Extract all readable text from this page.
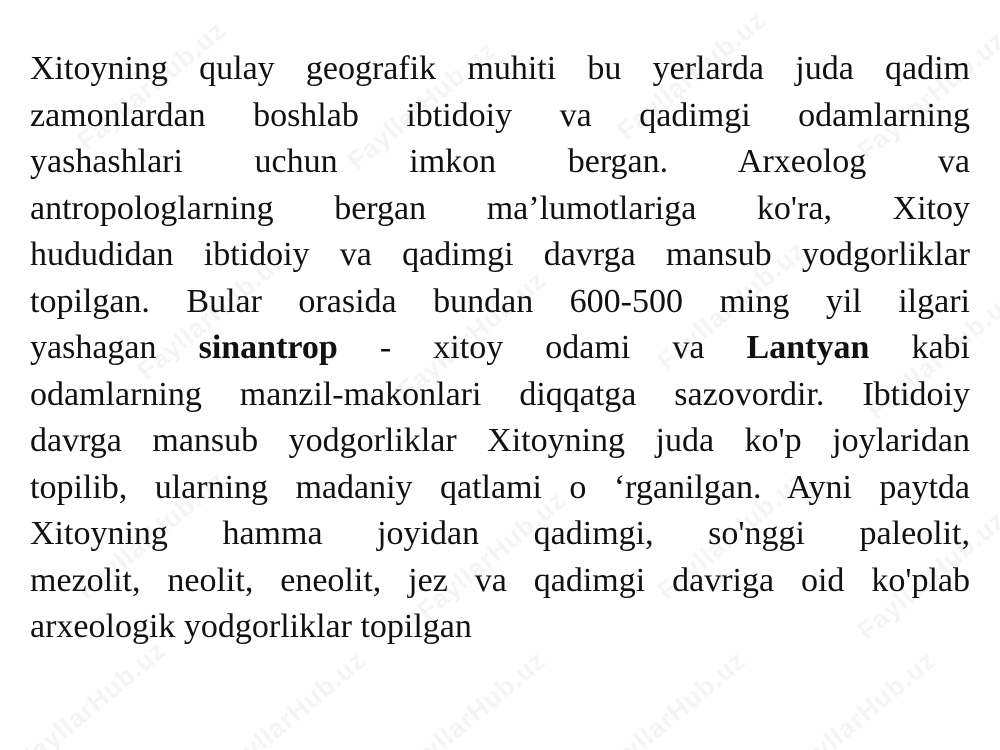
Xitoyning qulay geografik muhiti bu yerlarda juda qadim
zamonlardan boshlab ibtidoiy va qadimgi odamlarning
yashashlari uchun imkon bergan. Arxeolog va
antropologlarning bergan ma’lumotlariga ko'ra, Xitoy
hududidan ibtidoiy va qadimgi davrga mansub yodgorliklar
topilgan. Bular orasida bundan 600-500 ming yil ilgari
yashagan sinantrop - xitoy odami va Lantyan kabi
odamlarning manzil-makonlari diqqatga sazovordir. Ibtidoiy
davrga mansub yodgorliklar Xitoyning juda ko'p joylaridan
topilib, ularning madaniy qatlami o ‘rganilgan. Ayni paytda
Xitoyning hamma joyidan qadimgi, so'nggi paleolit,
mezolit, neolit, eneolit, jez va qadimgi davriga oid ko'plab
arxeologik yodgorliklar topilgan
